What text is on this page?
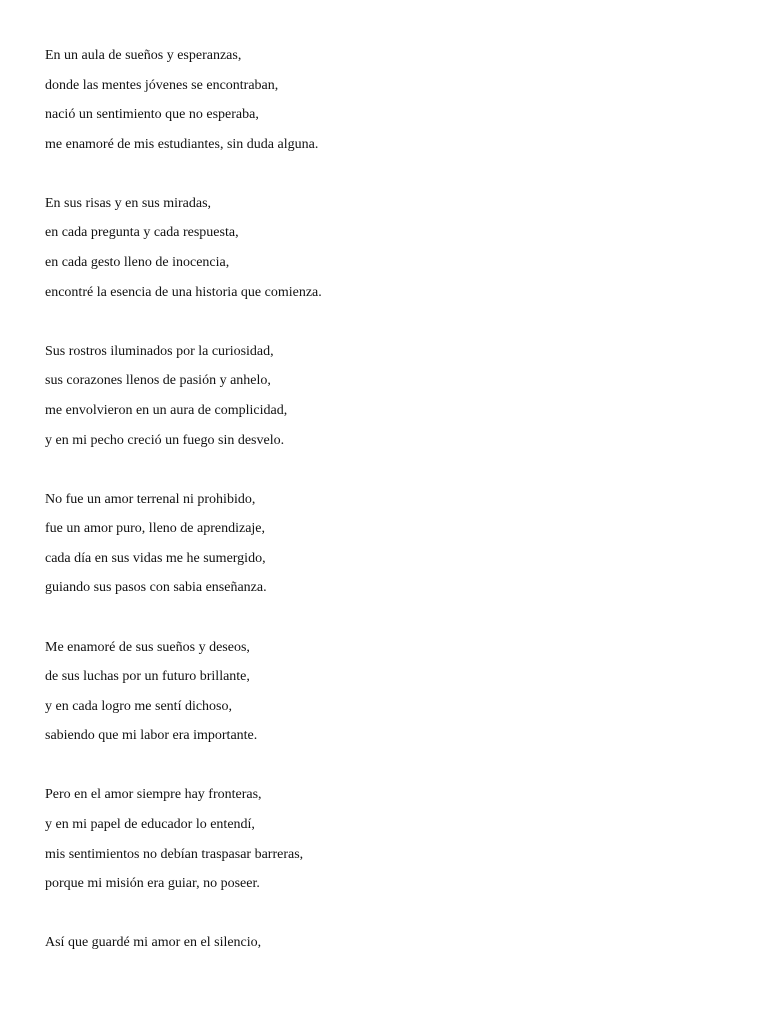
En un aula de sueños y esperanzas,
donde las mentes jóvenes se encontraban,
nació un sentimiento que no esperaba,
me enamoré de mis estudiantes, sin duda alguna.
En sus risas y en sus miradas,
en cada pregunta y cada respuesta,
en cada gesto lleno de inocencia,
encontré la esencia de una historia que comienza.
Sus rostros iluminados por la curiosidad,
sus corazones llenos de pasión y anhelo,
me envolvieron en un aura de complicidad,
y en mi pecho creció un fuego sin desvelo.
No fue un amor terrenal ni prohibido,
fue un amor puro, lleno de aprendizaje,
cada día en sus vidas me he sumergido,
guiando sus pasos con sabia enseñanza.
Me enamoré de sus sueños y deseos,
de sus luchas por un futuro brillante,
y en cada logro me sentí dichoso,
sabiendo que mi labor era importante.
Pero en el amor siempre hay fronteras,
y en mi papel de educador lo entendí,
mis sentimientos no debían traspasar barreras,
porque mi misión era guiar, no poseer.
Así que guardé mi amor en el silencio,
